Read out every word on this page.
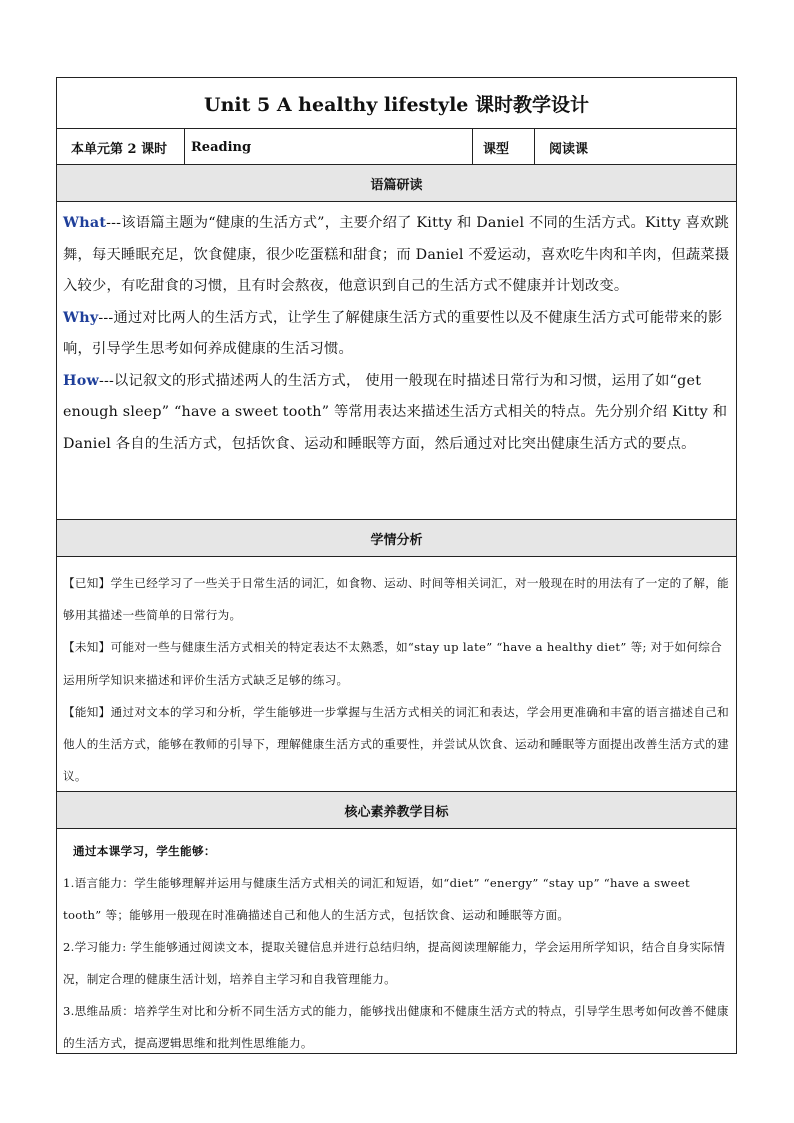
Unit 5 A healthy lifestyle 课时教学设计
本单元第 2 课时	Reading	课型	阅读课
语篇研读

What---该语篇主题为“健康的生活方式”，主要介绍了 Kitty 和 Daniel 不同的生活方式。Kitty 喜欢跳舞，每天睡眠充足，饮食健康，很少吃蛋糕和甜食；而 Daniel 不爱运动，喜欢吃牛肉和羊肉，但蔬菜摄入较少，有吃甜食的习惯，且有时会熬夜，他意识到自己的生活方式不健康并计划改变。

Why---通过对比两人的生活方式，让学生了解健康生活方式的重要性以及不健康生活方式可能带来的影响，引导学生思考如何养成健康的生活习惯。

How---以记叙文的形式描述两人的生活方式， 使用一般现在时描述日常行为和习惯，运用了如“get enough sleep” “have a sweet tooth” 等常用表达来描述生活方式相关的特点。先分别介绍 Kitty 和 Daniel 各自的生活方式，包括饮食、运动和睡眠等方面，然后通过对比突出健康生活方式的要点。

学情分析

【已知】学生已经学习了一些关于日常生活的词汇，如食物、运动、时间等相关词汇，对一般现在时的用法有了一定的了解，能够用其描述一些简单的日常行为。

【未知】可能对一些与健康生活方式相关的特定表达不太熟悉，如“stay up late” “have a healthy diet” 等; 对于如何综合运用所学知识来描述和评价生活方式缺乏足够的练习。

【能知】通过对文本的学习和分析，学生能够进一步掌握与生活方式相关的词汇和表达，学会用更准确和丰富的语言描述自己和他人的生活方式，能够在教师的引导下，理解健康生活方式的重要性，并尝试从饮食、运动和睡眠等方面提出改善生活方式的建议。

核心素养教学目标

通过本课学习，学生能够：

1.语言能力：学生能够理解并运用与健康生活方式相关的词汇和短语，如“diet” “energy” “stay up” “have a sweet tooth” 等；能够用一般现在时准确描述自己和他人的生活方式，包括饮食、运动和睡眠等方面。

2.学习能力: 学生能够通过阅读文本，提取关键信息并进行总结归纳，提高阅读理解能力，学会运用所学知识，结合自身实际情况，制定合理的健康生活计划，培养自主学习和自我管理能力。

3.思维品质：培养学生对比和分析不同生活方式的能力，能够找出健康和不健康生活方式的特点，引导学生思考如何改善不健康的生活方式，提高逻辑思维和批判性思维能力。
